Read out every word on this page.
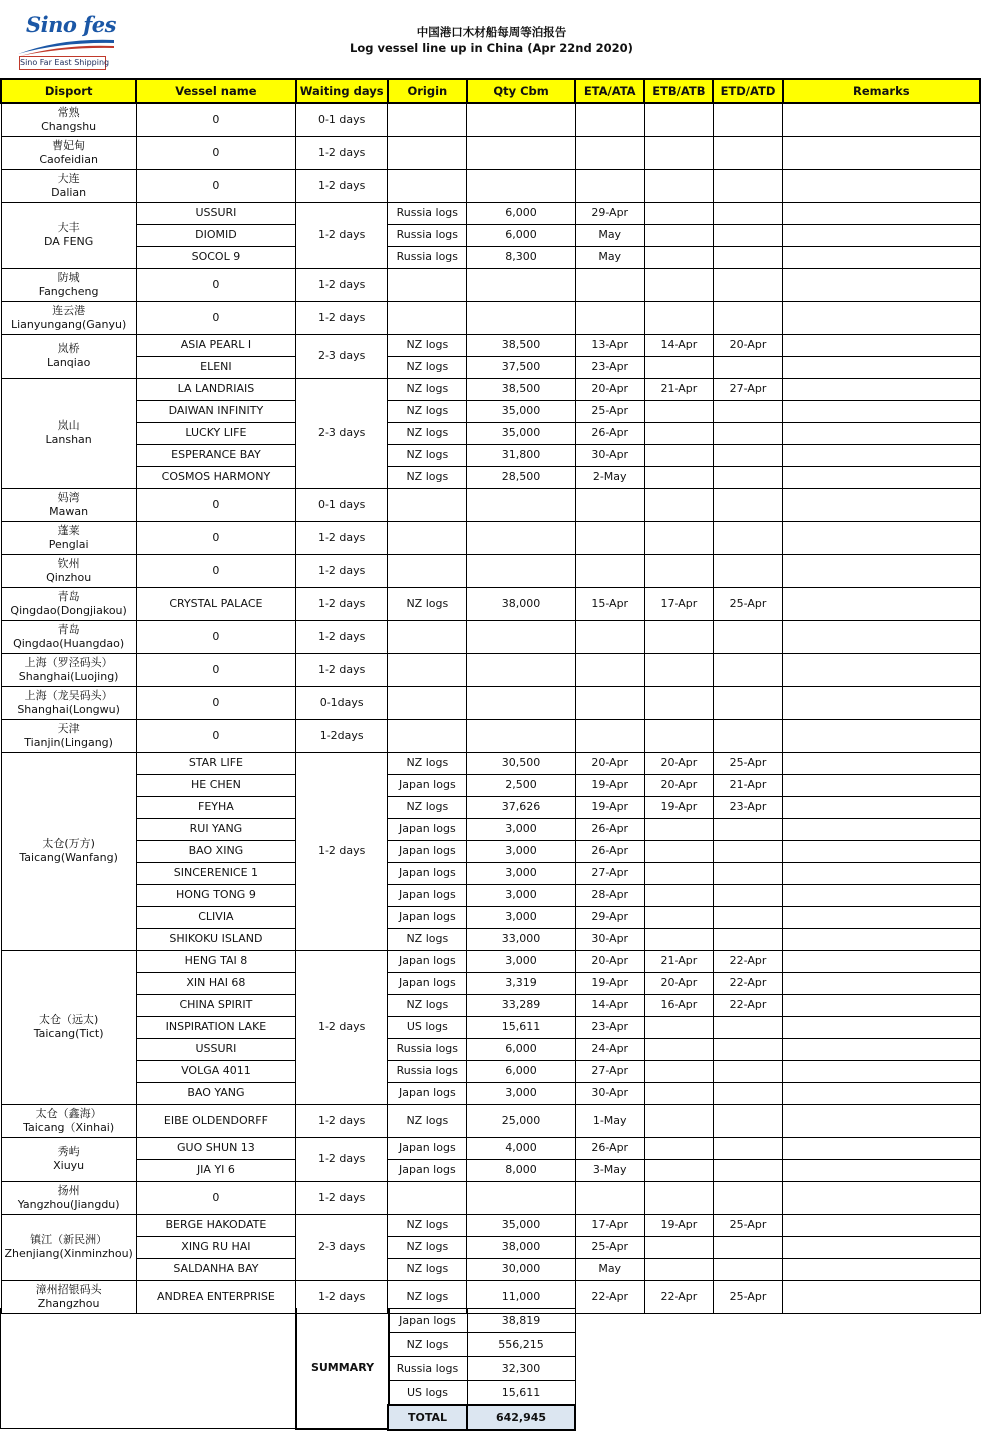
Sino fes
Sino Far East Shipping
中国港口木材船每周等泊报告
Log vessel line up in China (Apr 22nd 2020)
Disport	Vessel name	Waiting days	Origin	Qty Cbm	ETA/ATA	ETB/ATB	ETD/ATD	Remarks

常熟
Changshu	0	0-1 days						

曹妃甸
Caofeidian	0	1-2 days						

大连
Dalian	0	1-2 days						

大丰
DA FENG	USSURI	1-2 days	Russia logs	6,000	29-Apr			
	DIOMID		Russia logs	6,000	May			
	SOCOL 9		Russia logs	8,300	May			

防城
Fangcheng	0	1-2 days						

连云港
Lianyungang(Ganyu)	0	1-2 days						

岚桥
Lanqiao	ASIA PEARL I	2-3 days	NZ logs	38,500	13-Apr	14-Apr	20-Apr	
	ELENI		NZ logs	37,500	23-Apr			

岚山
Lanshan	LA LANDRIAIS	2-3 days	NZ logs	38,500	20-Apr	21-Apr	27-Apr	
	DAIWAN INFINITY		NZ logs	35,000	25-Apr			
	LUCKY LIFE		NZ logs	35,000	26-Apr			
	ESPERANCE BAY		NZ logs	31,800	30-Apr			
	COSMOS HARMONY		NZ logs	28,500	2-May			

妈湾
Mawan	0	0-1 days						

蓬莱
Penglai	0	1-2 days						

钦州
Qinzhou	0	1-2 days						

青岛
Qingdao(Dongjiakou)	CRYSTAL PALACE	1-2 days	NZ logs	38,000	15-Apr	17-Apr	25-Apr	

青岛
Qingdao(Huangdao)	0	1-2 days						

上海（罗泾码头）
Shanghai(Luojing)	0	1-2 days						

上海（龙吴码头）
Shanghai(Longwu)	0	0-1days						

天津
Tianjin(Lingang)	0	1-2days						

太仓(万方)
Taicang(Wanfang)	STAR LIFE	1-2 days	NZ logs	30,500	20-Apr	20-Apr	25-Apr	
	HE CHEN		Japan logs	2,500	19-Apr	20-Apr	21-Apr	
	FEYHA		NZ logs	37,626	19-Apr	19-Apr	23-Apr	
	RUI YANG		Japan logs	3,000	26-Apr			
	BAO XING		Japan logs	3,000	26-Apr			
	SINCERENICE 1		Japan logs	3,000	27-Apr			
	HONG TONG 9		Japan logs	3,000	28-Apr			
	CLIVIA		Japan logs	3,000	29-Apr			
	SHIKOKU ISLAND		NZ logs	33,000	30-Apr			

太仓（远太)
Taicang(Tict)	HENG TAI 8	1-2 days	Japan logs	3,000	20-Apr	21-Apr	22-Apr	
	XIN HAI 68		Japan logs	3,319	19-Apr	20-Apr	22-Apr	
	CHINA SPIRIT		NZ logs	33,289	14-Apr	16-Apr	22-Apr	
	INSPIRATION LAKE		US logs	15,611	23-Apr			
	USSURI		Russia logs	6,000	24-Apr			
	VOLGA 4011		Russia logs	6,000	27-Apr			
	BAO YANG		Japan logs	3,000	30-Apr			

太仓（鑫海）
Taicang（Xinhai)	EIBE OLDENDORFF	1-2 days	NZ logs	25,000	1-May			

秀屿
Xiuyu	GUO SHUN 13	1-2 days	Japan logs	4,000	26-Apr			
	JIA YI 6		Japan logs	8,000	3-May			

扬州
Yangzhou(Jiangdu)	0	1-2 days						

镇江（新民洲）
Zhenjiang(Xinminzhou)	BERGE HAKODATE	2-3 days	NZ logs	35,000	17-Apr	19-Apr	25-Apr	
	XING RU HAI		NZ logs	38,000	25-Apr			
	SALDANHA BAY		NZ logs	30,000	May			

漳州招银码头
Zhangzhou	ANDREA ENTERPRISE	1-2 days	NZ logs	11,000	22-Apr	22-Apr	25-Apr	
SUMMARY
Japan logs	38,819
NZ logs	556,215
Russia logs	32,300
US logs	15,611
TOTAL	642,945
